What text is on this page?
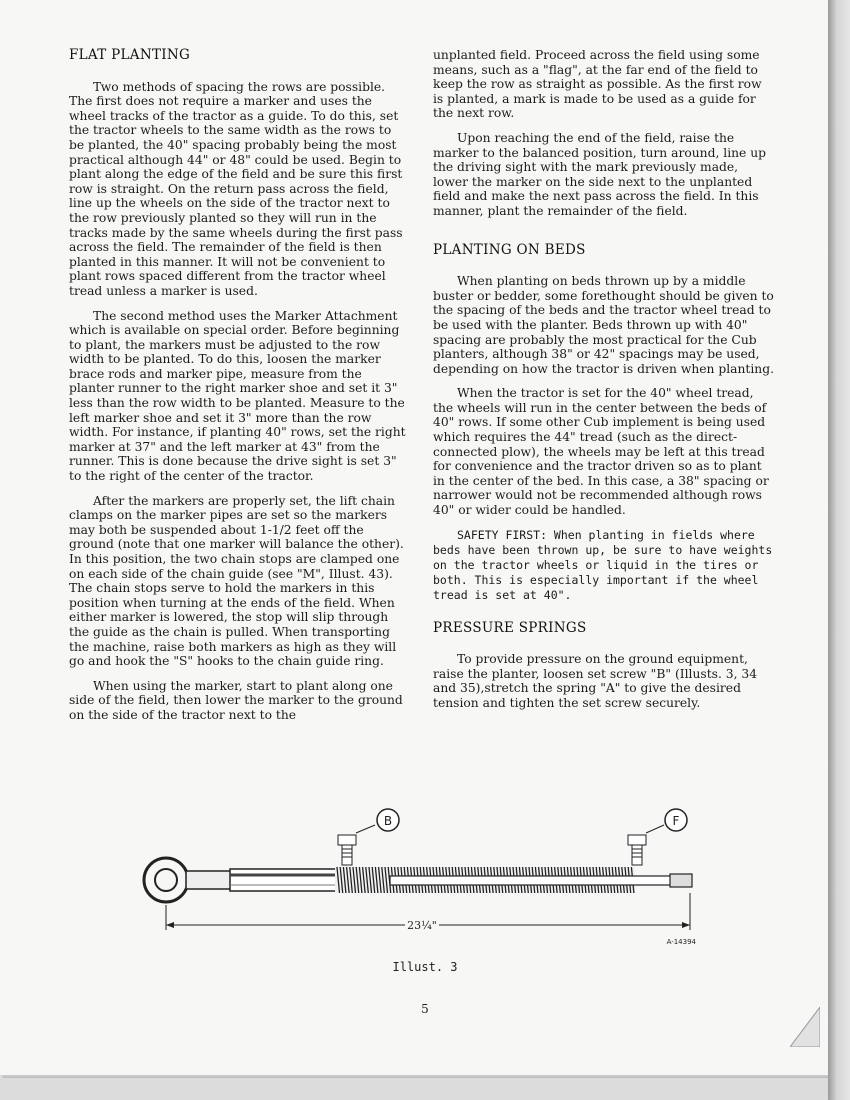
FLAT PLANTING

Two methods of spacing the rows are possible. The first does not require a marker and uses the wheel tracks of the tractor as a guide. To do this, set the tractor wheels to the same width as the rows to be planted, the 40" spacing probably being the most practical although 44" or 48" could be used. Begin to plant along the edge of the field and be sure this first row is straight. On the return pass across the field, line up the wheels on the side of the tractor next to the row previously planted so they will run in the tracks made by the same wheels during the first pass across the field. The remainder of the field is then planted in this manner. It will not be convenient to plant rows spaced different from the tractor wheel tread unless a marker is used.

The second method uses the Marker Attachment which is available on special order. Before beginning to plant, the markers must be adjusted to the row width to be planted. To do this, loosen the marker brace rods and marker pipe, measure from the planter runner to the right marker shoe and set it 3" less than the row width to be planted. Measure to the left marker shoe and set it 3" more than the row width. For instance, if planting 40" rows, set the right marker at 37" and the left marker at 43" from the runner. This is done because the drive sight is set 3" to the right of the center of the tractor.

After the markers are properly set, the lift chain clamps on the marker pipes are set so the markers may both be suspended about 1-1/2 feet off the ground (note that one marker will balance the other). In this position, the two chain stops are clamped one on each side of the chain guide (see "M", Illust. 43). The chain stops serve to hold the markers in this position when turning at the ends of the field. When either marker is lowered, the stop will slip through the guide as the chain is pulled. When transporting the machine, raise both markers as high as they will go and hook the "S" hooks to the chain guide ring.

When using the marker, start to plant along one side of the field, then lower the marker to the ground on the side of the tractor next to the

unplanted field. Proceed across the field using some means, such as a "flag", at the far end of the field to keep the row as straight as possible. As the first row is planted, a mark is made to be used as a guide for the next row.

Upon reaching the end of the field, raise the marker to the balanced position, turn around, line up the driving sight with the mark previously made, lower the marker on the side next to the unplanted field and make the next pass across the field. In this manner, plant the remainder of the field.

PLANTING ON BEDS

When planting on beds thrown up by a middle buster or bedder, some forethought should be given to the spacing of the beds and the tractor wheel tread to be used with the planter. Beds thrown up with 40" spacing are probably the most practical for the Cub planters, although 38" or 42" spacings may be used, depending on how the tractor is driven when planting.

When the tractor is set for the 40" wheel tread, the wheels will run in the center between the beds of 40" rows. If some other Cub implement is being used which requires the 44" tread (such as the direct-connected plow), the wheels may be left at this tread for convenience and the tractor driven so as to plant in the center of the bed. In this case, a 38" spacing or narrower would not be recommended although rows 40" or wider could be handled.

SAFETY FIRST: When planting in fields where beds have been thrown up, be sure to have weights on the tractor wheels or liquid in the tires or both. This is especially important if the wheel tread is set at 40".

PRESSURE SPRINGS

To provide pressure on the ground equipment, raise the planter, loosen set screw "B" (Illusts. 3, 34 and 35),stretch the spring "A" to give the desired tension and tighten the set screw securely.

B	F
23¼"
A-14394
Illust. 3
5
